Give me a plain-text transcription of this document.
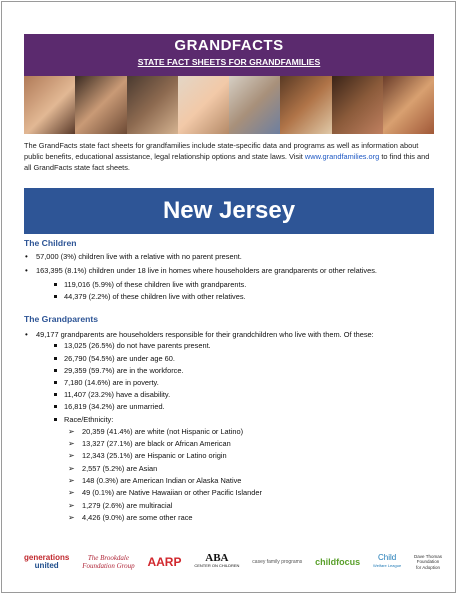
GRANDFACTS
STATE FACT SHEETS FOR GRANDFAMILIES
The GrandFacts state fact sheets for grandfamilies include state-specific data and programs as well as information about public benefits, educational assistance, legal relationship options and state laws. Visit www.grandfamilies.org to find this and all GrandFacts state fact sheets.
New Jersey
The Children
• 57,000 (3%) children live with a relative with no parent present.
• 163,395 (8.1%) children under 18 live in homes where householders are grandparents or other relatives.
119,016 (5.9%) of these children live with grandparents.
44,379 (2.2%) of these children live with other relatives.
The Grandparents
• 49,177 grandparents are householders responsible for their grandchildren who live with them. Of these:
13,025 (26.5%) do not have parents present.
26,790 (54.5%) are under age 60.
29,359 (59.7%) are in the workforce.
7,180 (14.6%) are in poverty.
11,407 (23.2%) have a disability.
16,819 (34.2%) are unmarried.
Race/Ethnicity:
➢ 20,359 (41.4%) are white (not Hispanic or Latino)
➢ 13,327 (27.1%) are black or African American
➢ 12,343 (25.1%) are Hispanic or Latino origin
➢ 2,557 (5.2%) are Asian
➢ 148 (0.3%) are American Indian or Alaska Native
➢ 49 (0.1%) are Native Hawaiian or other Pacific Islander
➢ 1,279 (2.6%) are multiracial
➢ 4,426 (9.0%) are some other race
generations
united
The Brookdale
Foundation Group AARP	ABA
CENTER ON CHILDREN
casey family programs childfocus	Child
Welfare League
Dave Thomas
Foundation
for Adoption
